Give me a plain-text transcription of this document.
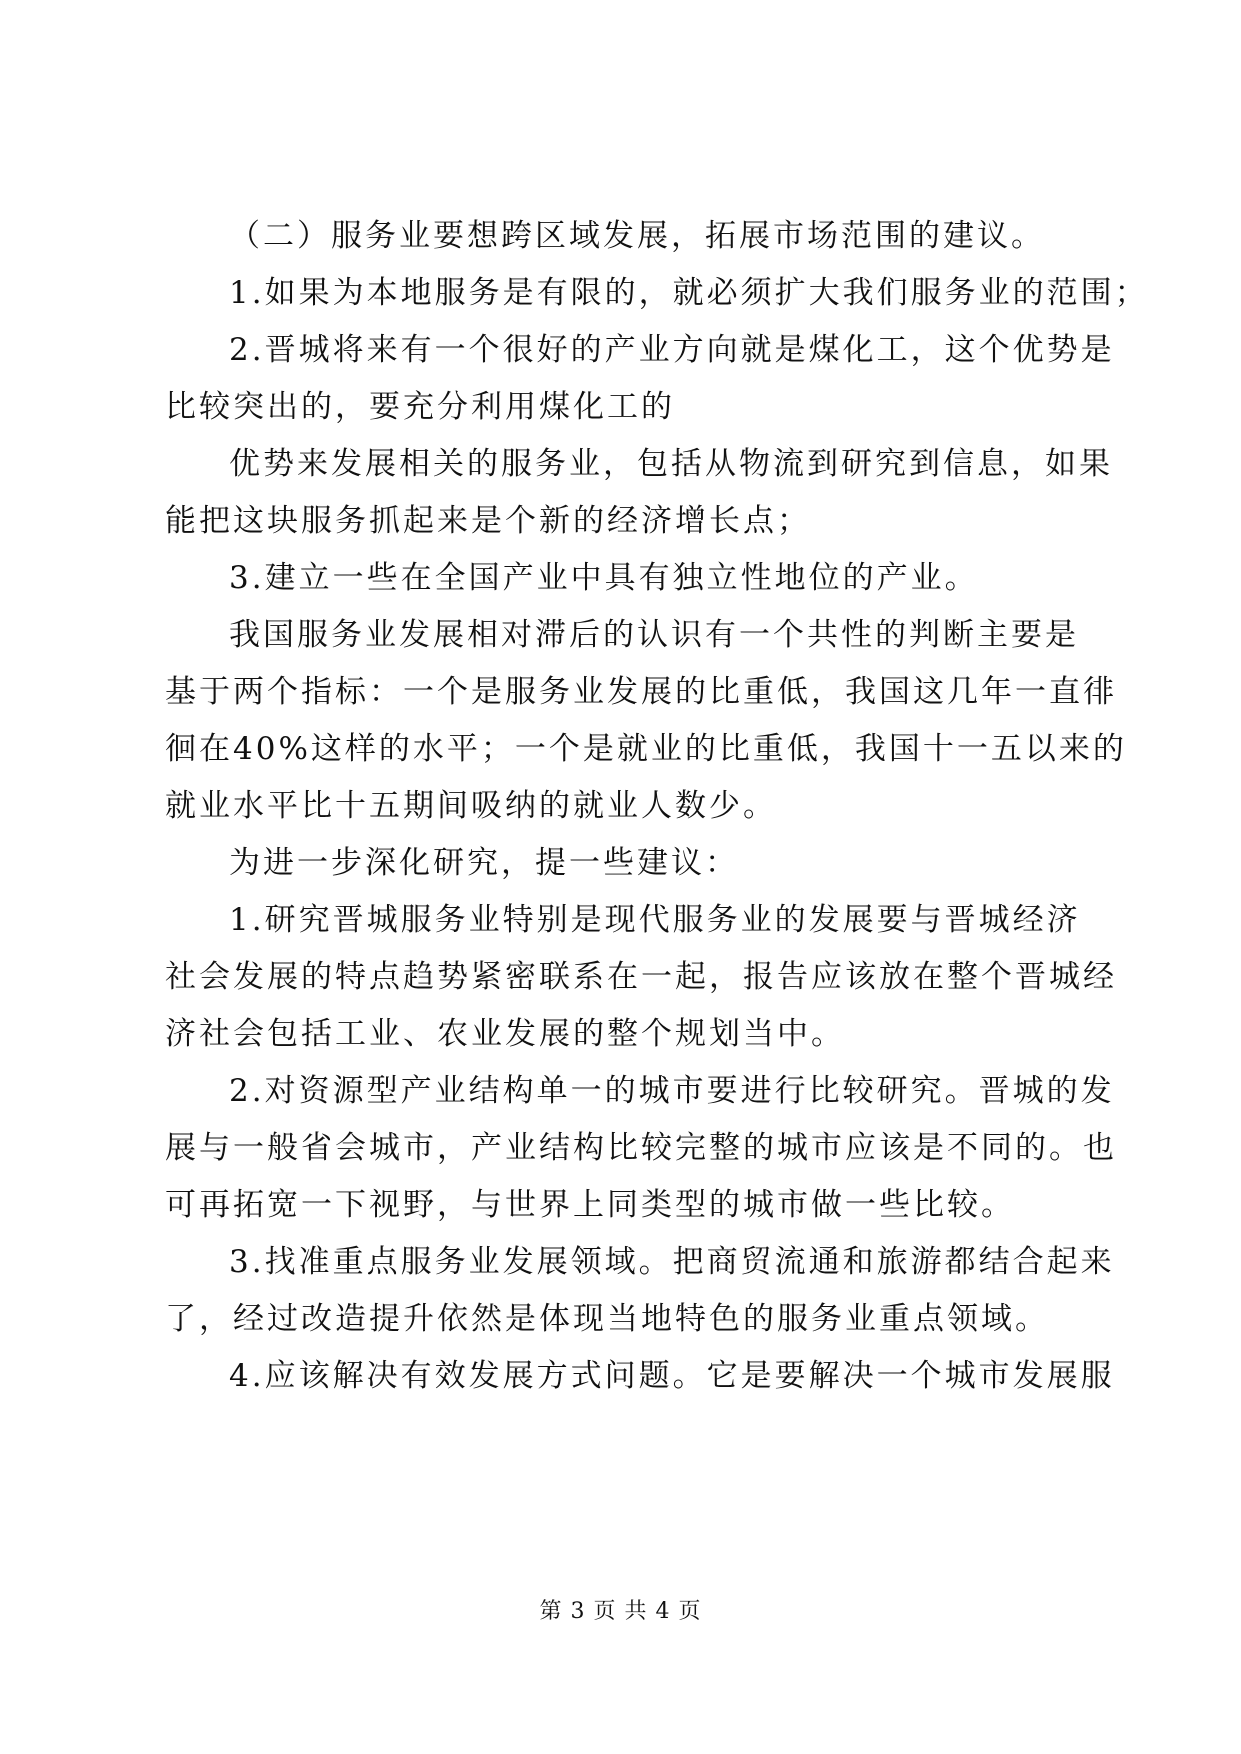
（二）服务业要想跨区域发展，拓展市场范围的建议。

1.如果为本地服务是有限的，就必须扩大我们服务业的范围；

2.晋城将来有一个很好的产业方向就是煤化工，这个优势是

比较突出的，要充分利用煤化工的

优势来发展相关的服务业，包括从物流到研究到信息，如果

能把这块服务抓起来是个新的经济增长点；

3.建立一些在全国产业中具有独立性地位的产业。

我国服务业发展相对滞后的认识有一个共性的判断主要是

基于两个指标：一个是服务业发展的比重低，我国这几年一直徘

徊在40%这样的水平；一个是就业的比重低，我国十一五以来的

就业水平比十五期间吸纳的就业人数少。

为进一步深化研究，提一些建议：

1.研究晋城服务业特别是现代服务业的发展要与晋城经济

社会发展的特点趋势紧密联系在一起，报告应该放在整个晋城经

济社会包括工业、农业发展的整个规划当中。

2.对资源型产业结构单一的城市要进行比较研究。晋城的发

展与一般省会城市，产业结构比较完整的城市应该是不同的。也

可再拓宽一下视野，与世界上同类型的城市做一些比较。

3.找准重点服务业发展领域。把商贸流通和旅游都结合起来

了，经过改造提升依然是体现当地特色的服务业重点领域。

4.应该解决有效发展方式问题。它是要解决一个城市发展服

第 3 页 共 4 页
